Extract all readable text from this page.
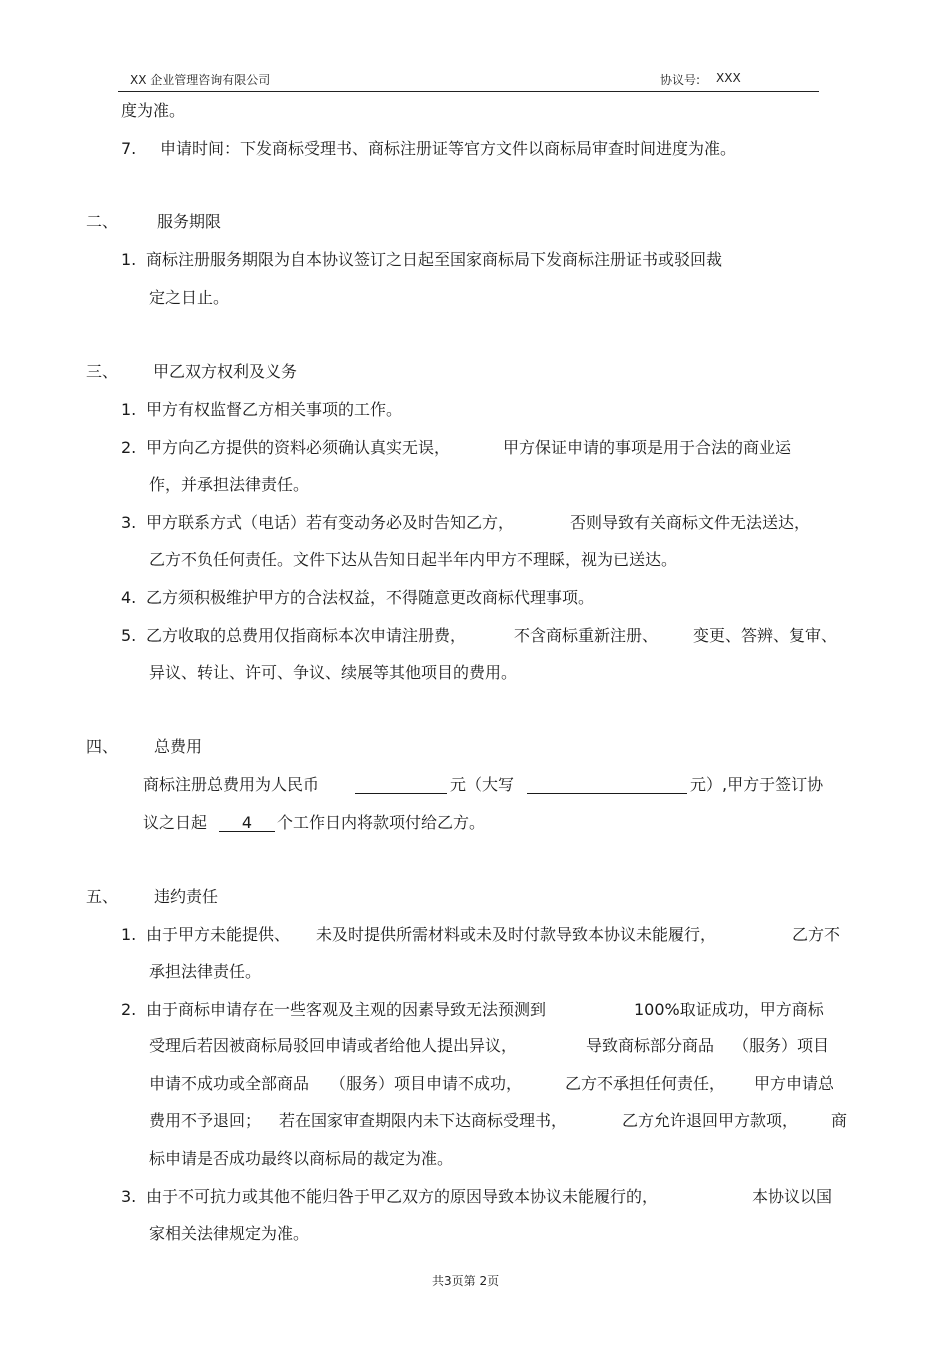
XX 企业管理咨询有限公司	协议号: XXX
度为准。
7. 申请时间：下发商标受理书、商标注册证等官方文件以商标局审查时间进度为准。
二、 服务期限
1. 商标注册服务期限为自本协议签订之日起至国家商标局下发商标注册证书或驳回裁
定之日止。
三、 甲乙双方权利及义务
1. 甲方有权监督乙方相关事项的工作。
2. 甲方向乙方提供的资料必须确认真实无误，	甲方保证申请的事项是用于合法的商业运
作，并承担法律责任。
3. 甲方联系方式（电话）若有变动务必及时告知乙方，	否则导致有关商标文件无法送达，
乙方不负任何责任。文件下达从告知日起半年内甲方不理睬，视为已送达。
4. 乙方须积极维护甲方的合法权益，不得随意更改商标代理事项。
5. 乙方收取的总费用仅指商标本次申请注册费，	不含商标重新注册、 变更、答辨、复审、
异议、转让、许可、争议、续展等其他项目的费用。
四、 总费用
商标注册总费用为人民币	元（大写	元）,甲方于签订协
议之日起	4	个工作日内将款项付给乙方。
五、 违约责任
1. 由于甲方未能提供、 未及时提供所需材料或未及时付款导致本协议未能履行，	乙方不
承担法律责任。
2. 由于商标申请存在一些客观及主观的因素导致无法预测到	100%取证成功，甲方商标
受理后若因被商标局驳回申请或者给他人提出异议，	导致商标部分商品 （服务）项目
申请不成功或全部商品 （服务）项目申请不成功，	乙方不承担任何责任， 甲方申请总
费用不予退回； 若在国家审查期限内未下达商标受理书，	乙方允许退回甲方款项， 商
标申请是否成功最终以商标局的裁定为准。
3. 由于不可抗力或其他不能归咎于甲乙双方的原因导致本协议未能履行的，	本协议以国
家相关法律规定为准。
共3页第 2页
